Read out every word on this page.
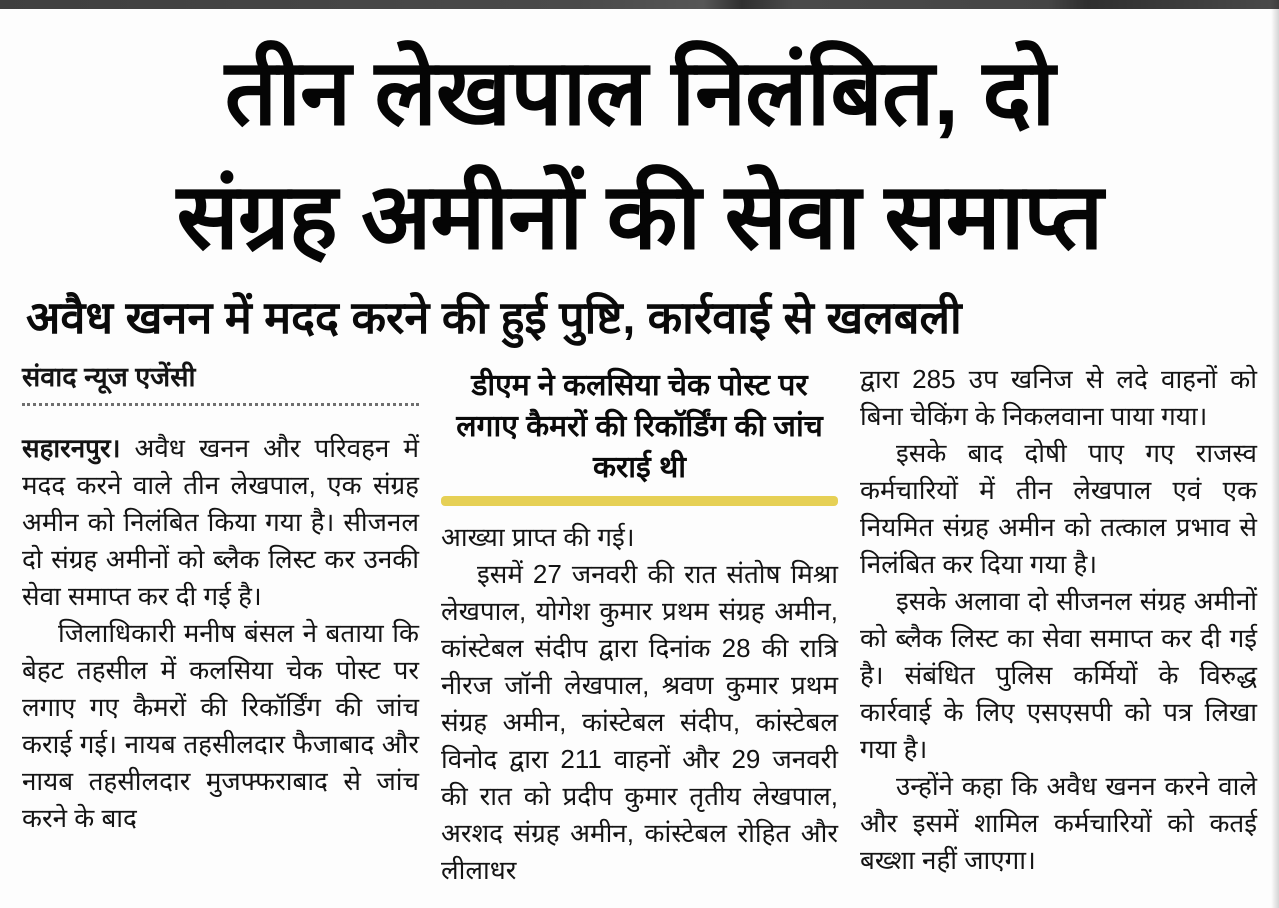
तीन लेखपाल निलंबित, दो
संग्रह अमीनों की सेवा समाप्त
अवैध खनन में मदद करने की हुई पुष्टि, कार्रवाई से खलबली
संवाद न्यूज एजेंसी

सहारनपुर। अवैध खनन और परिवहन में मदद करने वाले तीन लेखपाल, एक संग्रह अमीन को निलंबित किया गया है। सीजनल दो संग्रह अमीनों को ब्लैक लिस्ट कर उनकी सेवा समाप्त कर दी गई है।

जिलाधिकारी मनीष बंसल ने बताया कि बेहट तहसील में कलसिया चेक पोस्ट पर लगाए गए कैमरों की रिकॉर्डिंग की जांच कराई गई। नायब तहसीलदार फैजाबाद और नायब तहसीलदार मुजफ्फराबाद से जांच करने के बाद

डीएम ने कलसिया चेक पोस्ट पर लगाए कैमरों की रिकॉर्डिंग की जांच कराई थी

आख्या प्राप्त की गई।

इसमें 27 जनवरी की रात संतोष मिश्रा लेखपाल, योगेश कुमार प्रथम संग्रह अमीन, कांस्टेबल संदीप द्वारा दिनांक 28 की रात्रि नीरज जॉनी लेखपाल, श्रवण कुमार प्रथम संग्रह अमीन, कांस्टेबल संदीप, कांस्टेबल विनोद द्वारा 211 वाहनों और 29 जनवरी की रात को प्रदीप कुमार तृतीय लेखपाल, अरशद संग्रह अमीन, कांस्टेबल रोहित और लीलाधर

द्वारा 285 उप खनिज से लदे वाहनों को बिना चेकिंग के निकलवाना पाया गया।

इसके बाद दोषी पाए गए राजस्व कर्मचारियों में तीन लेखपाल एवं एक नियमित संग्रह अमीन को तत्काल प्रभाव से निलंबित कर दिया गया है।

इसके अलावा दो सीजनल संग्रह अमीनों को ब्लैक लिस्ट का सेवा समाप्त कर दी गई है। संबंधित पुलिस कर्मियों के विरुद्ध कार्रवाई के लिए एसएसपी को पत्र लिखा गया है।

उन्होंने कहा कि अवैध खनन करने वाले और इसमें शामिल कर्मचारियों को कतई बख्शा नहीं जाएगा।
